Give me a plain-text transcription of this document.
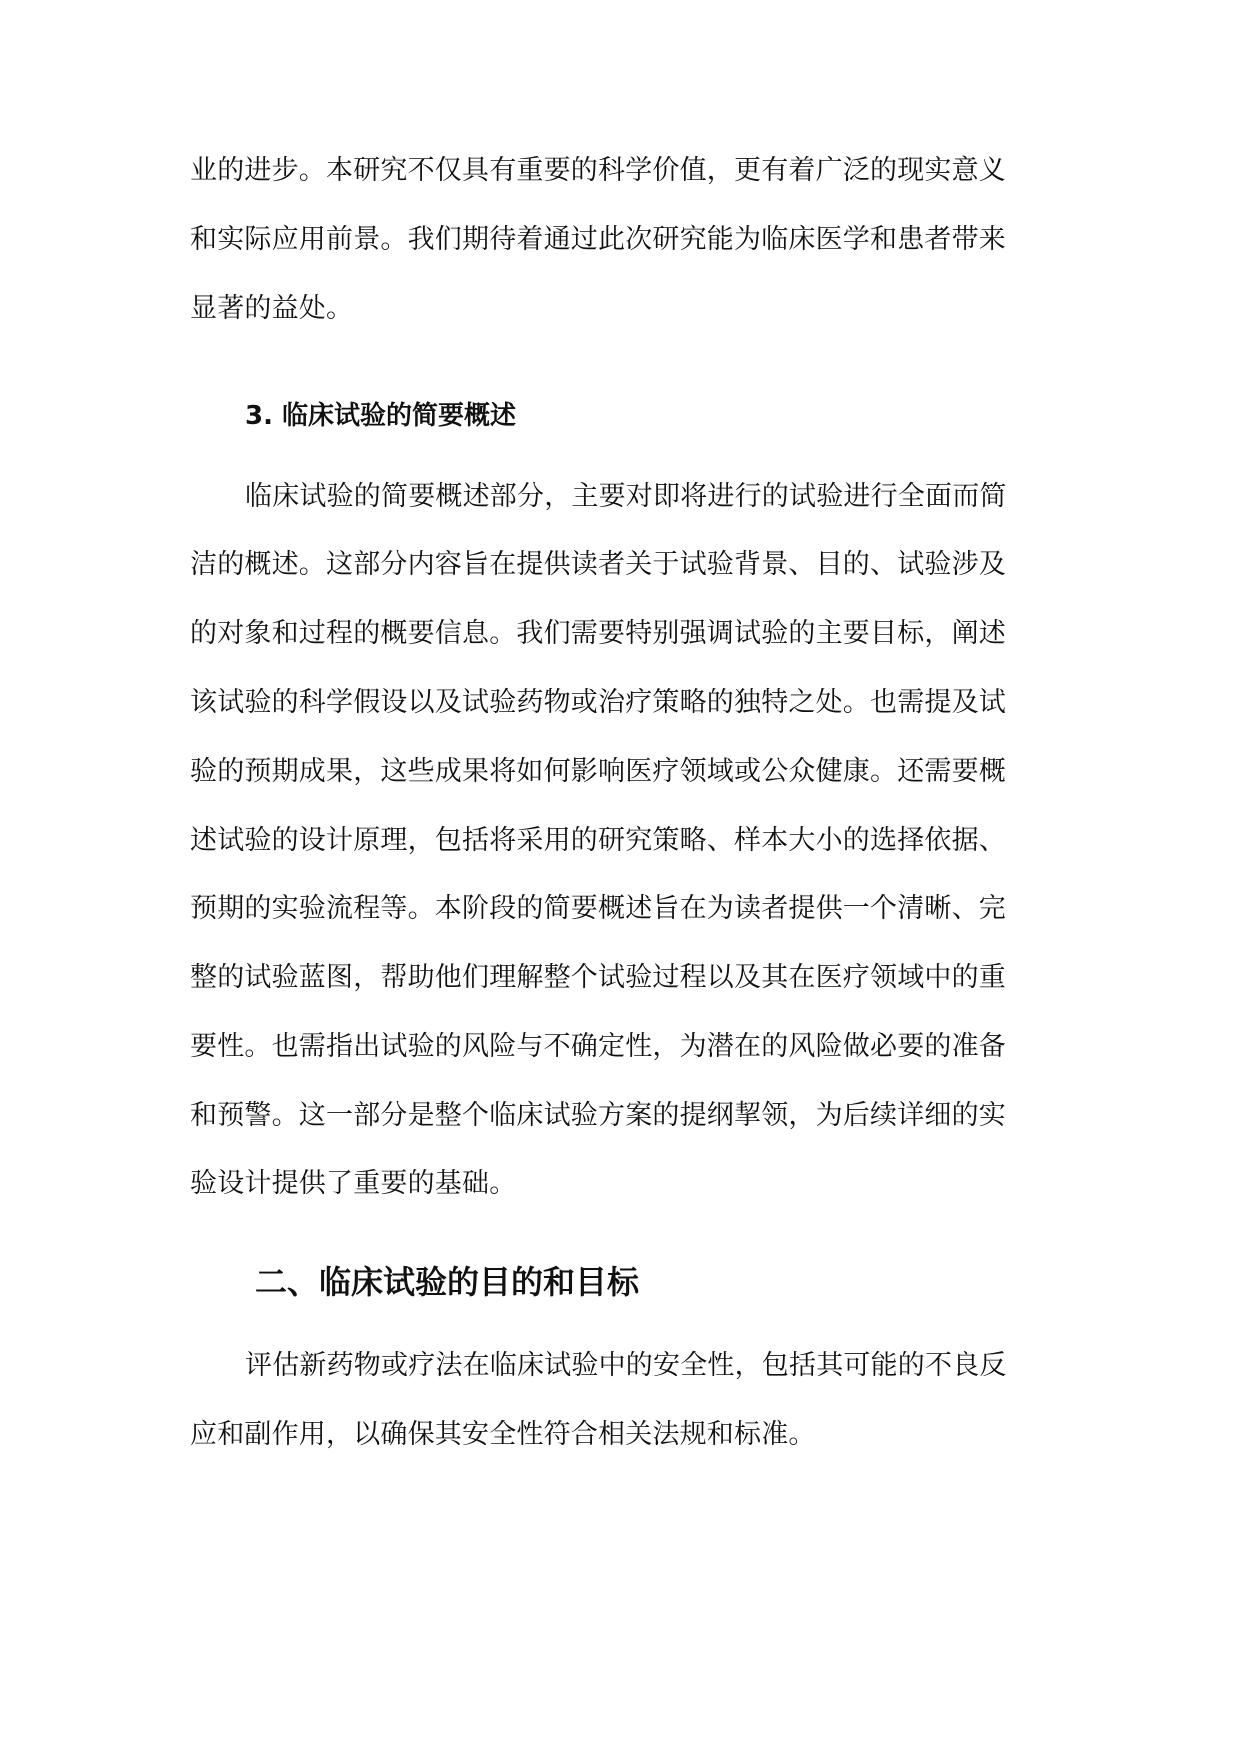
业的进步。本研究不仅具有重要的科学价值，更有着广泛的现实意义
和实际应用前景。我们期待着通过此次研究能为临床医学和患者带来
显著的益处。
3. 临床试验的简要概述
临床试验的简要概述部分，主要对即将进行的试验进行全面而简
洁的概述。这部分内容旨在提供读者关于试验背景、目的、试验涉及
的对象和过程的概要信息。我们需要特别强调试验的主要目标，阐述
该试验的科学假设以及试验药物或治疗策略的独特之处。也需提及试
验的预期成果，这些成果将如何影响医疗领域或公众健康。还需要概
述试验的设计原理，包括将采用的研究策略、样本大小的选择依据、
预期的实验流程等。本阶段的简要概述旨在为读者提供一个清晰、完
整的试验蓝图，帮助他们理解整个试验过程以及其在医疗领域中的重
要性。也需指出试验的风险与不确定性，为潜在的风险做必要的准备
和预警。这一部分是整个临床试验方案的提纲挈领，为后续详细的实
验设计提供了重要的基础。
二、临床试验的目的和目标
评估新药物或疗法在临床试验中的安全性，包括其可能的不良反
应和副作用，以确保其安全性符合相关法规和标准。
